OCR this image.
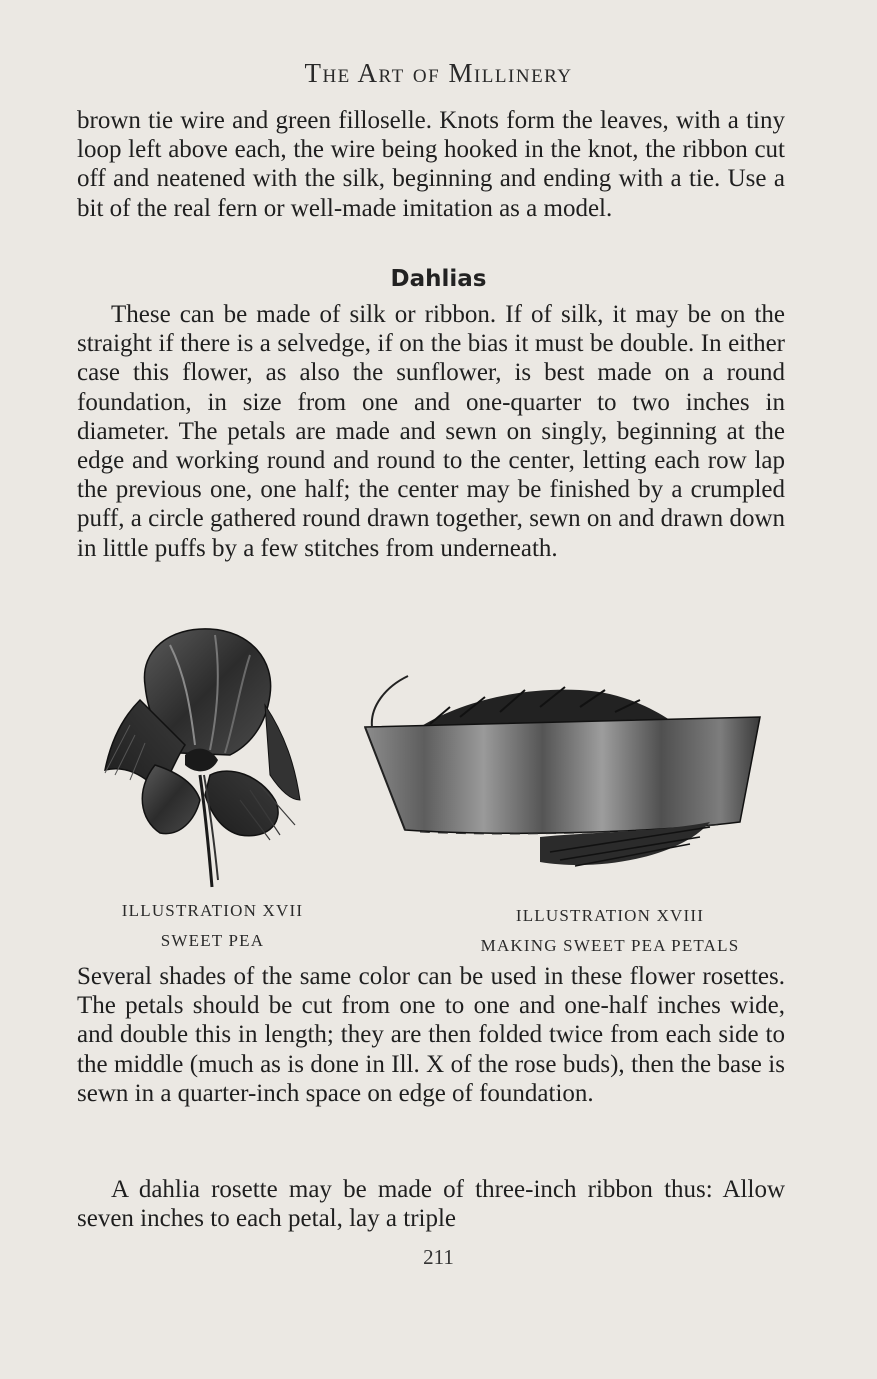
The Art of Millinery
brown tie wire and green filloselle. Knots form the leaves, with a tiny loop left above each, the wire being hooked in the knot, the ribbon cut off and neatened with the silk, beginning and ending with a tie. Use a bit of the real fern or well-made imitation as a model.
Dahlias
These can be made of silk or ribbon. If of silk, it may be on the straight if there is a selvedge, if on the bias it must be double. In either case this flower, as also the sunflower, is best made on a round foundation, in size from one and one-quarter to two inches in diameter. The petals are made and sewn on singly, beginning at the edge and working round and round to the center, letting each row lap the previous one, one half; the center may be finished by a crumpled puff, a circle gathered round drawn together, sewn on and drawn down in little puffs by a few stitches from underneath.
ILLUSTRATION XVII
SWEET PEA
ILLUSTRATION XVIII
MAKING SWEET PEA PETALS
Several shades of the same color can be used in these flower rosettes. The petals should be cut from one to one and one-half inches wide, and double this in length; they are then folded twice from each side to the middle (much as is done in Ill. X of the rose buds), then the base is sewn in a quarter-inch space on edge of foundation.
A dahlia rosette may be made of three-inch ribbon thus: Allow seven inches to each petal, lay a triple
211
